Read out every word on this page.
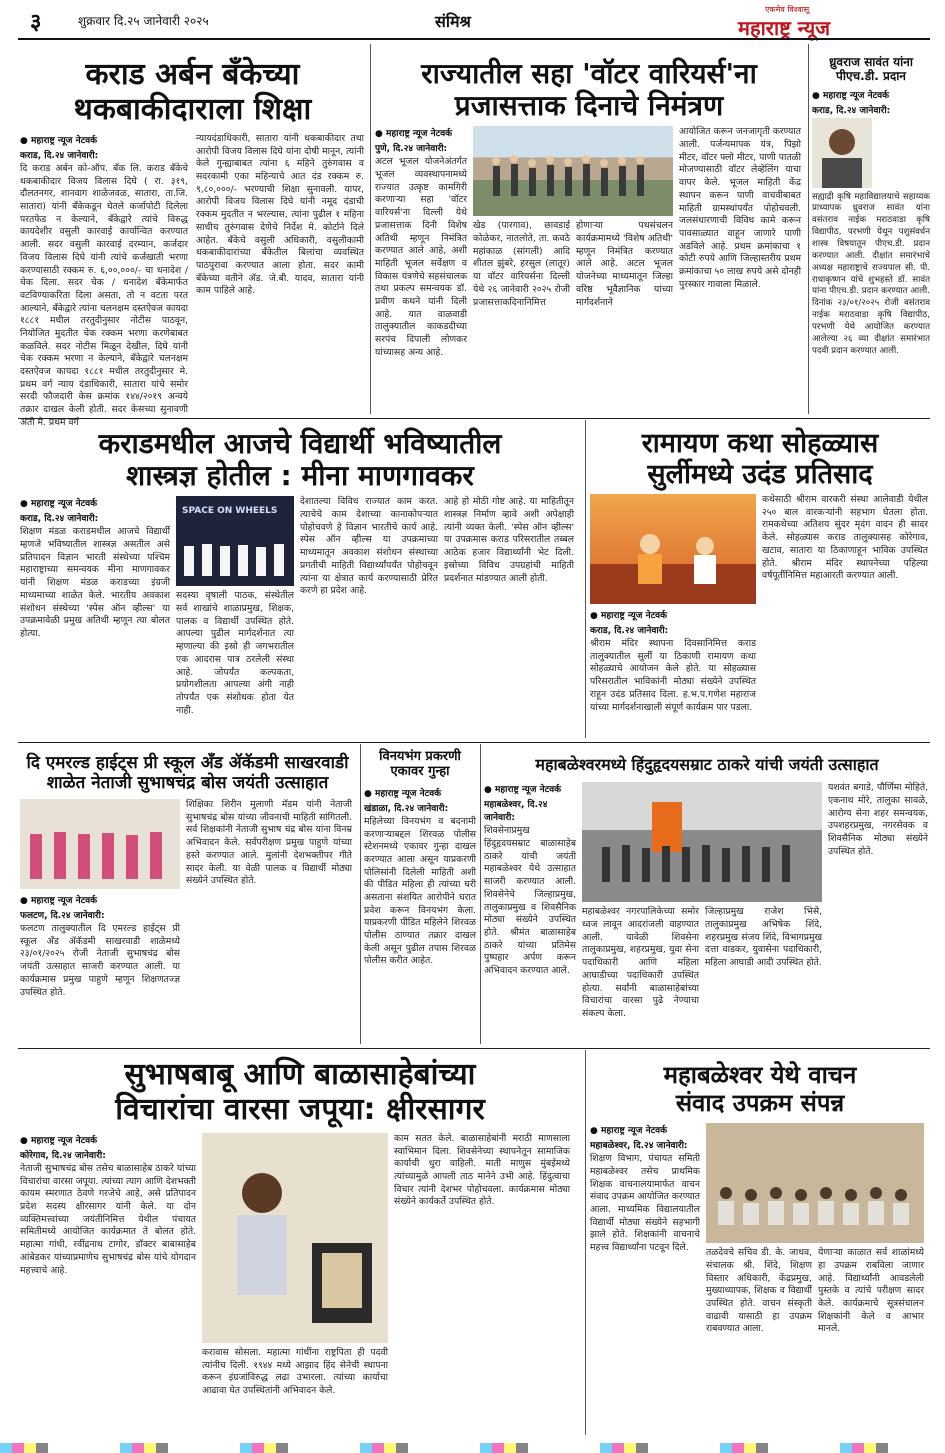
३	शुक्रवार दि.२५ जानेवारी २०२५	संमिश्र
एकमेव विश्वासू
महाराष्ट्र न्यूज
कराड अर्बन बँकेच्या
थकबाकीदाराला शिक्षा
● महाराष्ट्र न्यूज नेटवर्क
कराड, दि.२४ जानेवारी:
दि कराड अर्बन को-ऑप. बँक लि. कराड बँकेचे थकबाकीदार विजय विलास दिघे ( रा. ३१९, दौलतनगर, शानवाग शाळेजवळ, सातारा, ता.जि. सातारा) यांनी बँकेकडून घेतले कर्जापोटी दिलेला परतफेड न केल्याने, बँकेद्वारे त्यांचे विरुद्ध कायदेशीर वसुली कारवाई कार्यान्वित करण्यात आली. सदर वसुली कारवाई दरम्यान, कर्जदार विजय विलास दिघे यांनी त्यांचे कर्जखाती भरणा करण्यासाठी रक्कम रु. ६,००,०००/- चा धनादेश / चेक दिला. सदर चेक / धनादेश बँकेमार्फत वटविण्याकरिता दिला असता, तो न वटता परत आल्याने, बँकेद्वारे त्यांना चलनक्षम दस्तऐवज कायदा १८८१ मधील तरतुदीनुसार नोटीस पाठवून, नियोजित मुदतीत चेक रक्कम भरणा करणेबाबत कळविले. सदर नोटीस मिळून देखील, दिघे यांनी चेक रक्कम भरणा न केल्याने, बँकेद्वारे चलनक्षम दस्तऐवज कायदा १८८१ मधील तरतुदीनुसार मे. प्रथम वर्ग न्याय दंडाधिकारी, सातारा यांचे समोर सरदी फौजदारी केस क्रमांक १४४/२०१९ अन्वये तक्रार दाखल केली होती. सदर केसच्या सुनावणी अंती मे. प्रथम वर्ग
न्यायदंडाधिकारी, सातारा यांनी थकबाकीदार तथा आरोपी विजय विलास दिघे यांना दोषी मानून, त्यांनी केले गुन्ह्याबाबत त्यांना ६ महिने तुरुंगवास व सदरकामी एका महिन्याचे आत दंड रक्कम रु. ९,८०,०००/- भरण्याची शिक्षा सुनावली. यापर, आरोपी विजय विलास दिघे यांनी नमूद दंडाची रक्कम मुदतीत न भरल्यास, त्यांना पुढील १ महिना साधीच तुरुंगवास देणेचे निर्देश मे. कोर्टाने दिले आहेत. बँकेचे वसुली अधिकारी, वसुलीकामी थकबाकीदारांच्या बँकेतील बिलांचा व्यवस्थित पाठपुरावा करण्यात आला होता. सदर कामी बँकेच्या वतीने ॲड. जे.बी. यादव, सातारा यांनी काम पाहिले आहे.
राज्यातील सहा 'वॉटर वारियर्स'ना
प्रजासत्ताक दिनाचे निमंत्रण
● महाराष्ट्र न्यूज नेटवर्क
पुणे, दि.२४ जानेवारी:
अटल भूजल योजनेअंतर्गत भूजल व्यवस्थापनामध्ये राज्यात उत्कृष्ट कामगिरी करणाऱ्या सहा 'वॉटर वारियर्स'ना दिल्ली येथे प्रजासत्ताक दिनी विशेष अतिथी म्हणून निमंत्रित करण्यात आले आहे, अशी माहिती भूजल सर्वेक्षण व विकास यंत्रणेचे सहसंचालक तथा प्रकल्प समन्वयक डॉ. प्रवीण कथने यांनी दिली आहे. यात वाळवाडी तालुक्यातील काकडदीच्या सरपंच दिपाली लोणकर यांच्यासह अन्य आहे.
खेड (पारगाव), छावडाई कोळेकर, नातलोते, ता. कवठे महांकाळ (सांगली) आदि शीतल झुंबरे, हरसुल (लातूर) या वॉटर वारियर्सना दिल्ली येथे २६ जानेवारी २०२५ रोजी प्रजासत्ताकदिनानिमित्त होणाऱ्या पथसंचलन कार्यक्रमामध्ये 'विशेष अतिथी' म्हणून निमंत्रित करण्यात आले आहे. अटल भूजल योजनेच्या माध्यमातून जिल्हा वरिष्ठ भूवैज्ञानिक यांच्या मार्गदर्शनाने
आयोजित करून जनजागृती करण्यात आली. पर्जन्यमापक यंत्र, पिझो मीटर, वॉटर फ्लो मीटर, पाणी पातळी मोजण्यासाठी वॉटर लेव्हेलिंग याचा वापर केले. भूजल माहिती केंद्र स्थापन करून पाणी वाचवीबाबत माहिती ग्रामस्थांपर्यंत पोहोचवली. जलसंधारणाची विविध कामे करून पावसाळ्यात वाहून जाणारे पाणी अडविले आहे. प्रथम क्रमांकाचा १ कोटी रुपये आणि जिल्हास्तरीय प्रथम क्रमांकाचा ५० लाख रुपये असे दोनही पुरस्कार गावाला मिळाले.
ध्रुवराज सावंत यांना
पीएच.डी. प्रदान
● महाराष्ट्र न्यूज नेटवर्क
कराड, दि.२४ जानेवारी:
सह्याद्री कृषि महाविद्यालयाचे सहाय्यक प्राध्यापक ध्रुवराज सावंत यांना वसंतराव नाईक मराठवाडा कृषि विद्यापीठ, परभणी येथून पशुसंवर्धन शास्त्र विषयातून पीएच.डी. प्रदान करण्यात आली. दीक्षांत समारंभाचे अध्यक्ष महाराष्ट्राचे राज्यपाल सी. पी. राधाकृष्णन यांचे शुभहस्ते डॉ. सावंत यांना पीएच.डी. प्रदान करण्यात आली. दिनांक २३/०१/२०२५ रोजी वसंतराव नाईक मराठवाडा कृषि विद्यापीठ, परभणी येथे आयोजित करण्यात आलेल्या २६ व्या दीक्षांत समारंभात पदवी प्रदान करण्यात आली.
कराडमधील आजचे विद्यार्थी भविष्यातील
शास्त्रज्ञ होतील : मीना माणगावकर
● महाराष्ट्र न्यूज नेटवर्क
कराड, दि.२४ जानेवारी:
शिक्षण मंडळ कराडमधील आजचे विद्यार्थी म्हणजे भविष्यातील शास्त्रज्ञ असतील असे प्रतिपादन विज्ञान भारती संस्थेच्या पश्चिम महाराष्ट्राच्या समन्वयक मीना माणगावकर यांनी शिक्षण मंडळ कराडच्या इंग्रजी माध्यमाच्या शाळेत केले. भारतीय अवकाश संशोधन संस्थेच्या 'स्पेस ऑन व्हील्स' या उपक्रमावेळी प्रमुख अतिथी म्हणून त्या बोलत होत्या.
SPACE ON WHEELS
सदस्या वृषाली पाठक, संस्थेतील सर्व शाखांचे शाळाप्रमुख, शिक्षक, पालक व विद्यार्थी उपस्थित होते. आपल्या पुढील मार्गदर्शनात त्या म्हणाल्या की इस्रो ही जगभरातील एक आदरास पात्र ठरलेली संस्था आहे. जोपर्यंत कल्पकता, प्रयोगशीलता आपल्या अंगी नाही तोपर्यंत एक संशोधक होता येत नाही.
देशातल्या विविध राज्यात काम करत. त्याचेचे काम देशाच्या कानाकोपऱ्यात पोहोचवणे हे विज्ञान भारतीचे कार्य आहे. स्पेस ऑन व्हील्स या उपक्रमाच्या माध्यमातून अवकाश संशोधन संस्थाच्या प्रगतीची माहिती विद्यार्थ्यांपर्यंत पोहोचवून त्यांना या क्षेत्रात कार्य करण्यासाठी प्रेरित करणे हा प्रदेश आहे.
आहे हो मोठी गोष्ट आहे. या माहितीतून शास्त्रज्ञ निर्माण व्हावे अशी अपेक्षाही त्यांनी व्यक्त केली. 'स्पेस ऑन व्हील्स' या उपक्रमास कराड परिसरातील तब्बल आठेक हजार विद्यार्थ्यांनी भेट दिली. इस्रोच्या विविध उपग्रहांची माहिती प्रदर्शनात मांडण्यात आली होती.
रामायण कथा सोहळ्यास
सुर्लीमध्ये उदंड प्रतिसाद
● महाराष्ट्र न्यूज नेटवर्क
कराड, दि.२४ जानेवारी:
श्रीराम मंदिर स्थापना दिवसानिमित्त कराड तालुक्यातील सुर्ली या ठिकाणी रामायण कथा सोहळ्याचे आयोजन केले होते. या सोहळ्यास परिसरातील भाविकांनी मोठ्या संख्येने उपस्थित राहून उदंड प्रतिसाद दिला. ह.भ.प.गणेश महाराज यांच्या मार्गदर्शनाखाली संपूर्ण कार्यक्रम पार पडला.
कथेसाठी श्रीराम वारकरी संस्था आलेवाडी येथील २५० बाल वारकऱ्यांनी सहभाग घेतला होता. रामकथेच्या अतिशय सुंदर मृदंग वादन ही सादर केले. सोहळ्यास कराड तालुक्यासह कोरेगाव, खटाव, सातारा या ठिकाणाहून भाविक उपस्थित होते. श्रीराम मंदिर स्थापनेच्या पहिल्या वर्षपूर्तीनिमित्त महाआरती करण्यात आली.
दि एमरल्ड हाईट्स प्री स्कूल अँड ॲकॅडमी साखरवाडी
शाळेत नेताजी सुभाषचंद्र बोस जयंती उत्साहात
● महाराष्ट्र न्यूज नेटवर्क
फलटण, दि.२४ जानेवारी:
फलटण तालुक्यातील दि एमरल्ड हाईट्स प्री स्कूल अँड ॲकॅडमी साखरवाडी शाळेमध्ये २३/०१/२०२५ रोजी नेताजी सुभाषचंद्र बोस जयंती उत्साहात साजरी करण्यात आली. या कार्यक्रमास प्रमुख पाहुणे म्हणून शिक्षणतज्ज्ञ उपस्थित होते.
शिक्षिका शिरीन मुलाणी मॅडम यांनी नेताजी सुभाषचंद्र बोस यांच्या जीवनाची माहिती सांगितली. सर्व शिक्षकांनी नेताजी सुभाष चंद्र बोस यांना विनम्र अभिवादन केले. सर्वपरीक्षण प्रमुख पाहुणे यांच्या हस्ते करण्यात आले. मुलांनी देशभक्तीपर गीते सादर केली. या वेळी पालक व विद्यार्थी मोठ्या संख्येने उपस्थित होते.
विनयभंग प्रकरणी
एकावर गुन्हा
● महाराष्ट्र न्यूज नेटवर्क
खंडाळा, दि.२४ जानेवारी:
महिलेच्या विनयभंग व बदनामी करणाऱ्याबद्दल शिरवळ पोलीस स्टेशनमध्ये एकावर गुन्हा दाखल करण्यात आला असून याप्रकरणी पोलिसांनी दिलेली माहिती अशी की पीडित महिला ही त्यांच्या घरी असताना संशयित आरोपीने घरात प्रवेश करून विनयभंग केला. याप्रकरणी पीडित महिलेने शिरवळ पोलीस ठाण्यात तक्रार दाखल केली असून पुढील तपास शिरवळ पोलीस करीत आहेत.
महाबळेश्वरमध्ये हिंदुहृदयसम्राट ठाकरे यांची जयंती उत्साहात
● महाराष्ट्र न्यूज नेटवर्क
महाबळेश्वर, दि.२४ जानेवारी:
शिवसेनाप्रमुख हिंदुहृदयसम्राट बाळासाहेब ठाकरे यांची जयंती महाबळेश्वर येथे उत्साहात साजरी करण्यात आली. शिवसेनेचे जिल्हाप्रमुख, तालुकाप्रमुख व शिवसैनिक मोठ्या संख्येने उपस्थित होते. श्रीमंत बाळासाहेब ठाकरे यांच्या प्रतिमेस पुष्पहार अर्पण करून अभिवादन करण्यात आले.
महाबळेश्वर नगरपालिकेच्या समोर ध्वज लावून आदरांजली वाहण्यात आली. यावेळी शिवसेना तालुकाप्रमुख, शहरप्रमुख, युवा सेना पदाधिकारी आणि महिला आघाडीच्या पदाधिकारी उपस्थित होत्या. सर्वांनी बाळासाहेबांच्या विचारांचा वारसा पुढे नेण्याचा संकल्प केला.
जिल्हाप्रमुख राजेश भिसे, तालुकाप्रमुख अभिषेक शिंदे, शहरप्रमुख संजय शिंदे, विभागप्रमुख दत्ता वाडकर, युवासेना पदाधिकारी, महिला आघाडी आदी उपस्थित होते.
यशवंत बगाडे, पौर्णिमा मोहिते, एकनाथ मोरे, तालुका सावळे, आरोग्य सेना शहर समन्वयक, उपशहरप्रमुख, नगरसेवक व शिवसैनिक मोठ्या संख्येने उपस्थित होते.
सुभाषबाबू आणि बाळासाहेबांच्या
विचारांचा वारसा जपूया: क्षीरसागर
● महाराष्ट्र न्यूज नेटवर्क
कोरेगाव, दि.२४ जानेवारी:
नेताजी सुभाषचंद्र बोस तसेच बाळासाहेब ठाकरे यांच्या विचारांचा वारसा जपूया. त्यांच्या त्याग आणि देशभक्ती कायम स्मरणात ठेवणे गरजेचे आहे, असे प्रतिपादन प्रदेश सदस्य क्षीरसागर यांनी केले. या दोन व्यक्तिमत्त्वांच्या जयंतीनिमित्त येथील पंचायत समितीमध्ये आयोजित कार्यक्रमात ते बोलत होते. महात्मा गांधी, रवींद्रनाथ टागोर, डॉक्टर बाबासाहेब आंबेडकर यांच्याप्रमाणेच सुभाषचंद्र बोस यांचे योगदान महत्त्वाचे आहे.
करावास सोसला. महात्मा गांधींना राष्ट्रपिता ही पदवी त्यांनीच दिली. १९४४ मध्ये आझाद हिंद सेनेची स्थापना करून इंग्रजांविरुद्ध लढा उभारला. त्यांच्या कार्याचा आढावा घेत उपस्थितांनी अभिवादन केले.
काम सतत केले. बाळासाहेबांनी मराठी माणसाला स्वाभिमान दिला. शिवसेनेच्या स्थापनेतून सामाजिक कार्याची धुरा वाहिली. माती माणुस मुंबईमध्ये त्यांच्यामुळे आपली ताठ मानेने उभी आहे. हिंदुत्वाचा विचार त्यांनी देशभर पोहोचवला. कार्यक्रमास मोठ्या संख्येने कार्यकर्ते उपस्थित होते.
महाबळेश्वर येथे वाचन
संवाद उपक्रम संपन्न
● महाराष्ट्र न्यूज नेटवर्क
महाबळेश्वर, दि.२४ जानेवारी:
शिक्षण विभाग, पंचायत समिती महाबळेश्वर तसेच प्राथमिक शिक्षक वाचनालयामार्फत वाचन संवाद उपक्रम आयोजित करण्यात आला. माध्यमिक विद्यालयातील विद्यार्थी मोठ्या संख्येने सहभागी झाले होते. शिक्षकांनी वाचनाचे महत्त्व विद्यार्थ्यांना पटवून दिले.	तळदेवचे सचिव डी. के. जाधव, संचालक श्री. शिंदे, शिक्षण विस्तार अधिकारी, केंद्रप्रमुख, मुख्याध्यापक, शिक्षक व विद्यार्थी उपस्थित होते. वाचन संस्कृती वाढावी यासाठी हा उपक्रम राबवण्यात आला.
येणाऱ्या काळात सर्व शाळांमध्ये हा उपक्रम राबविला जाणार आहे. विद्यार्थ्यांनी आवडलेली पुस्तके व त्यांचे परीक्षण सादर केले. कार्यक्रमाचे सूत्रसंचालन शिक्षकांनी केले व आभार मानले.
